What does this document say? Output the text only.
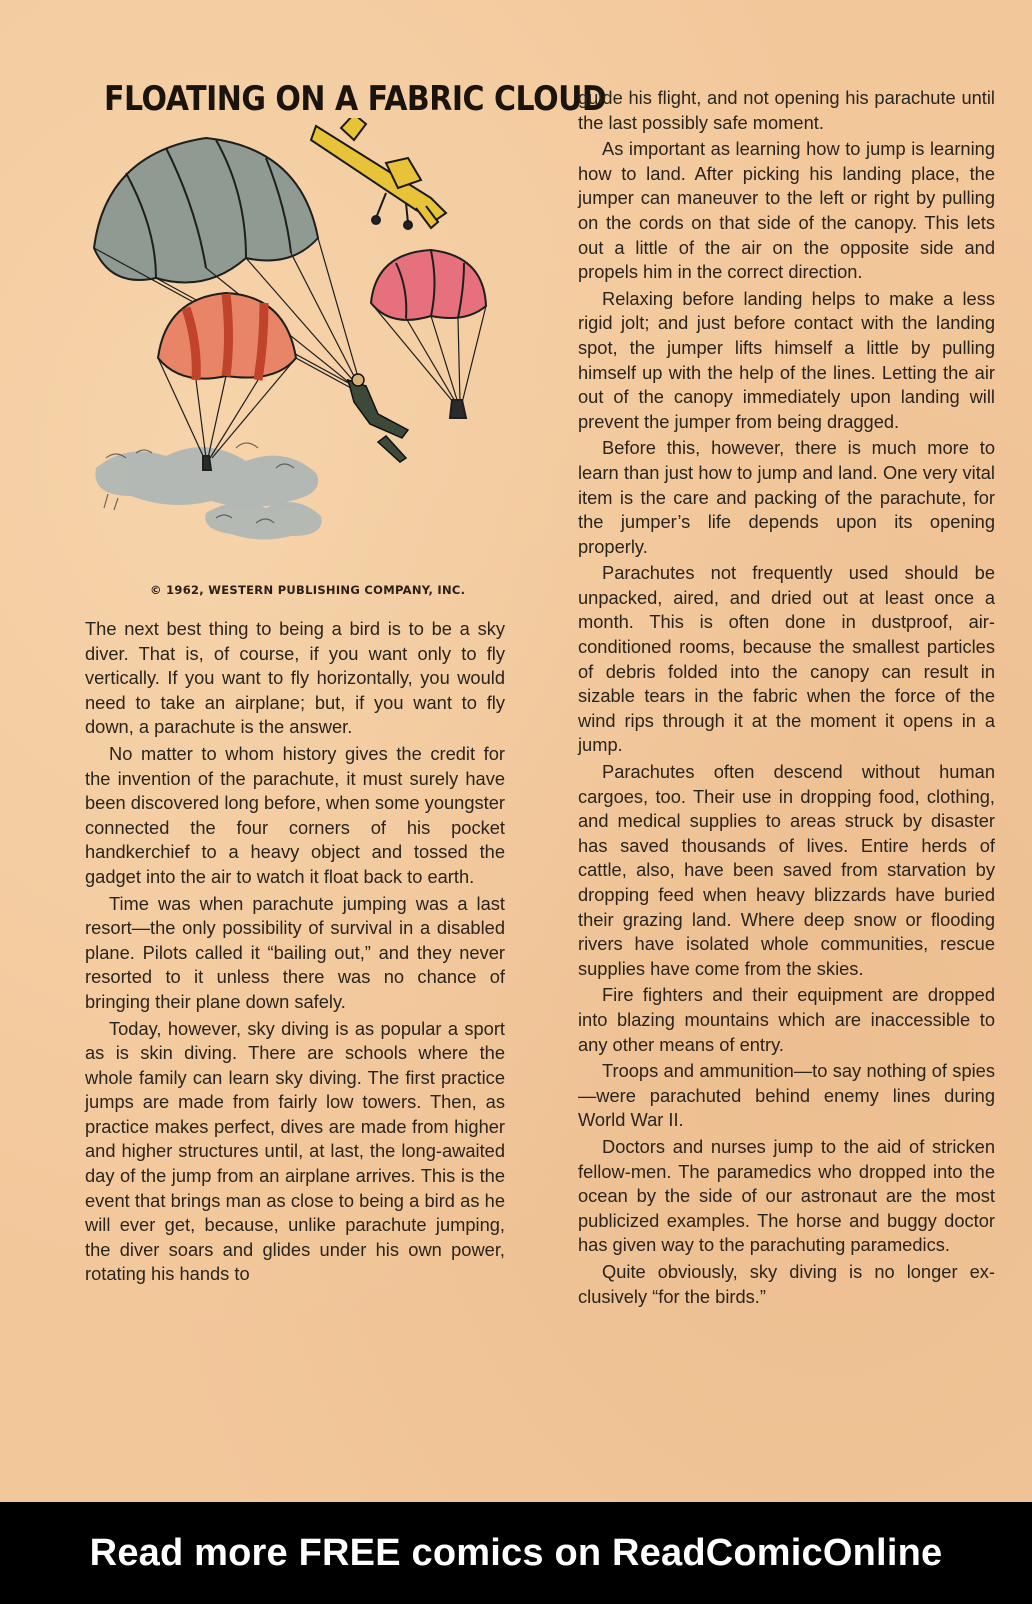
FLOATING ON A FABRIC CLOUD

© 1962, WESTERN PUBLISHING COMPANY, INC.

The next best thing to being a bird is to be a sky diver. That is, of course, if you want only to fly vertically. If you want to fly horizontally, you would need to take an airplane; but, if you want to fly down, a parachute is the answer.

No matter to whom history gives the credit for the invention of the parachute, it must surely have been discovered long before, when some youngster connected the four corners of his pocket handkerchief to a heavy object and tossed the gadget into the air to watch it float back to earth.

Time was when parachute jumping was a last resort—the only possibility of survival in a disabled plane. Pilots called it “bailing out,” and they never resorted to it unless there was no chance of bringing their plane down safely.

Today, however, sky diving is as popular a sport as is skin diving. There are schools where the whole family can learn sky diving. The first practice jumps are made from fairly low towers. Then, as practice makes perfect, dives are made from higher and higher structures until, at last, the long-awaited day of the jump from an airplane arrives. This is the event that brings man as close to being a bird as he will ever get, because, unlike parachute jumping, the diver soars and glides under his own power, rotating his hands to

guide his flight, and not opening his parachute until the last possibly safe moment.

As important as learning how to jump is learning how to land. After picking his landing place, the jumper can maneuver to the left or right by pulling on the cords on that side of the canopy. This lets out a little of the air on the opposite side and propels him in the correct direction.

Relaxing before landing helps to make a less rigid jolt; and just before contact with the landing spot, the jumper lifts himself a little by pulling himself up with the help of the lines. Letting the air out of the canopy immediately upon landing will prevent the jumper from being dragged.

Before this, however, there is much more to learn than just how to jump and land. One very vital item is the care and packing of the parachute, for the jumper’s life depends upon its opening properly.

Parachutes not frequently used should be unpacked, aired, and dried out at least once a month. This is often done in dustproof, air-conditioned rooms, because the smallest particles of debris folded into the canopy can result in sizable tears in the fabric when the force of the wind rips through it at the moment it opens in a jump.

Parachutes often descend without human cargoes, too. Their use in dropping food, clothing, and medical supplies to areas struck by disaster has saved thousands of lives. Entire herds of cattle, also, have been saved from starvation by dropping feed when heavy blizzards have buried their grazing land. Where deep snow or flooding rivers have isolated whole communities, rescue supplies have come from the skies.

Fire fighters and their equipment are dropped into blazing mountains which are inaccessible to any other means of entry.

Troops and ammunition—to say nothing of spies—were parachuted behind enemy lines during World War II.

Doctors and nurses jump to the aid of stricken fellow-men. The paramedics who dropped into the ocean by the side of our astronaut are the most publicized examples. The horse and buggy doctor has given way to the parachuting paramedics.

Quite obviously, sky diving is no longer exclusively “for the birds.”

Read more FREE comics on ReadComicOnline
